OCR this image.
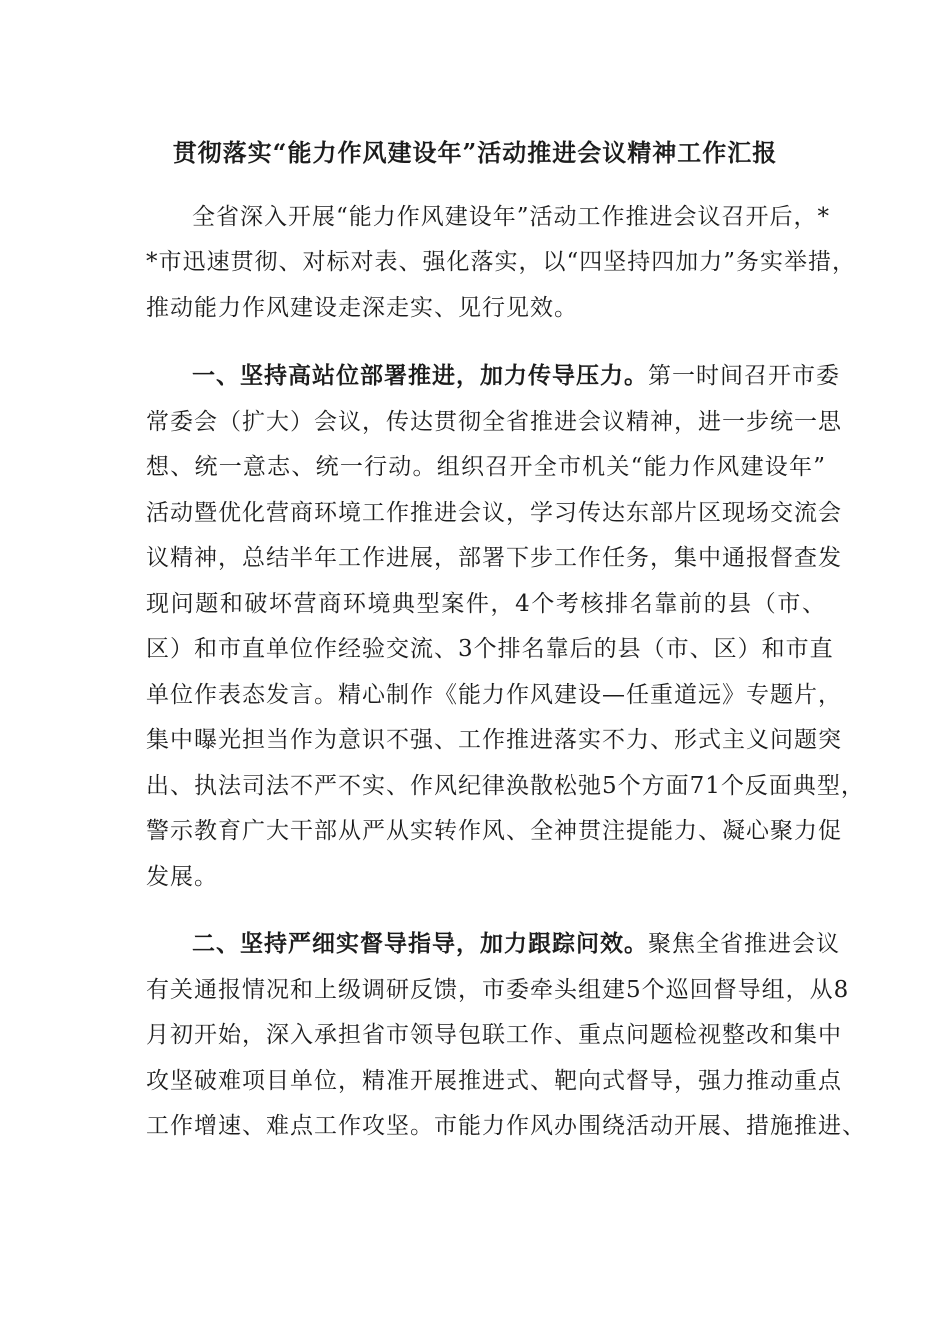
贯彻落实“能力作风建设年”活动推进会议精神工作汇报
全省深入开展“能力作风建设年”活动工作推进会议召开后，*
*市迅速贯彻、对标对表、强化落实，以“四坚持四加力”务实举措，
推动能力作风建设走深走实、见行见效。
一、坚持高站位部署推进，加力传导压力。第一时间召开市委
常委会（扩大）会议，传达贯彻全省推进会议精神，进一步统一思
想、统一意志、统一行动。组织召开全市机关“能力作风建设年”
活动暨优化营商环境工作推进会议，学习传达东部片区现场交流会
议精神，总结半年工作进展，部署下步工作任务，集中通报督查发
现问题和破坏营商环境典型案件，4个考核排名靠前的县（市、
区）和市直单位作经验交流、3个排名靠后的县（市、区）和市直
单位作表态发言。精心制作《能力作风建设—任重道远》专题片，
集中曝光担当作为意识不强、工作推进落实不力、形式主义问题突
出、执法司法不严不实、作风纪律涣散松弛5个方面71个反面典型，
警示教育广大干部从严从实转作风、全神贯注提能力、凝心聚力促
发展。
二、坚持严细实督导指导，加力跟踪问效。聚焦全省推进会议
有关通报情况和上级调研反馈，市委牵头组建5个巡回督导组，从8
月初开始，深入承担省市领导包联工作、重点问题检视整改和集中
攻坚破难项目单位，精准开展推进式、靶向式督导，强力推动重点
工作增速、难点工作攻坚。市能力作风办围绕活动开展、措施推进、
